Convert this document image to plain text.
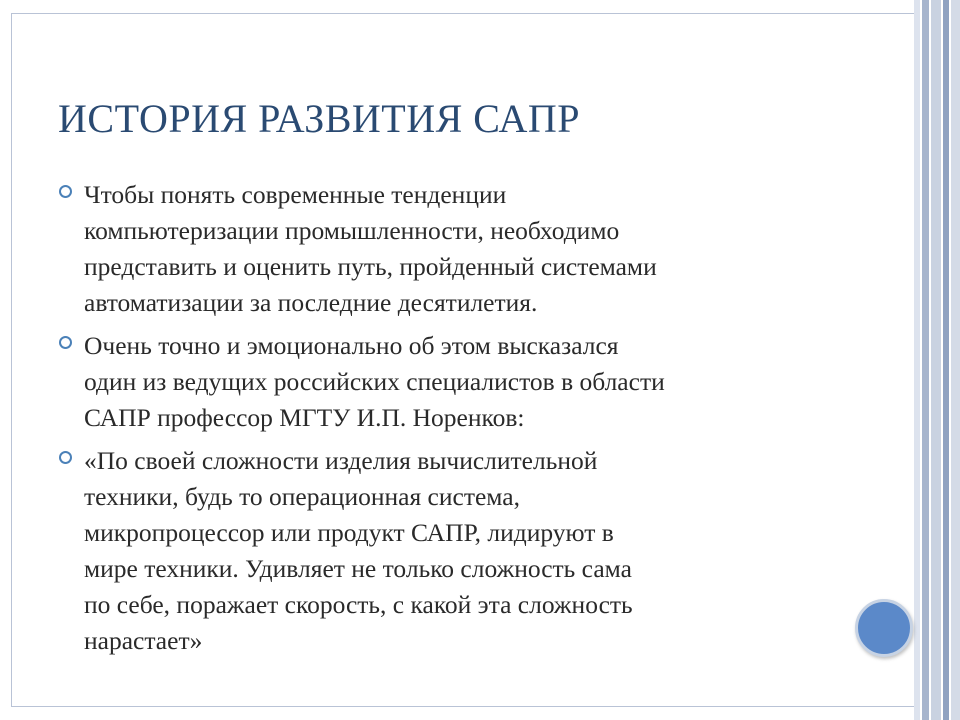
ИСТОРИЯ РАЗВИТИЯ САПР
Чтобы понять современные тенденции
компьютеризации промышленности, необходимо
представить и оценить путь, пройденный системами
автоматизации за последние десятилетия.
Очень точно и эмоционально об этом высказался
один из ведущих российских специалистов в области
САПР профессор МГТУ И.П. Норенков:
«По своей сложности изделия вычислительной
техники, будь то операционная система,
микропроцессор или продукт САПР, лидируют в
мире техники. Удивляет не только сложность сама
по себе, поражает скорость, с какой эта сложность
нарастает»
